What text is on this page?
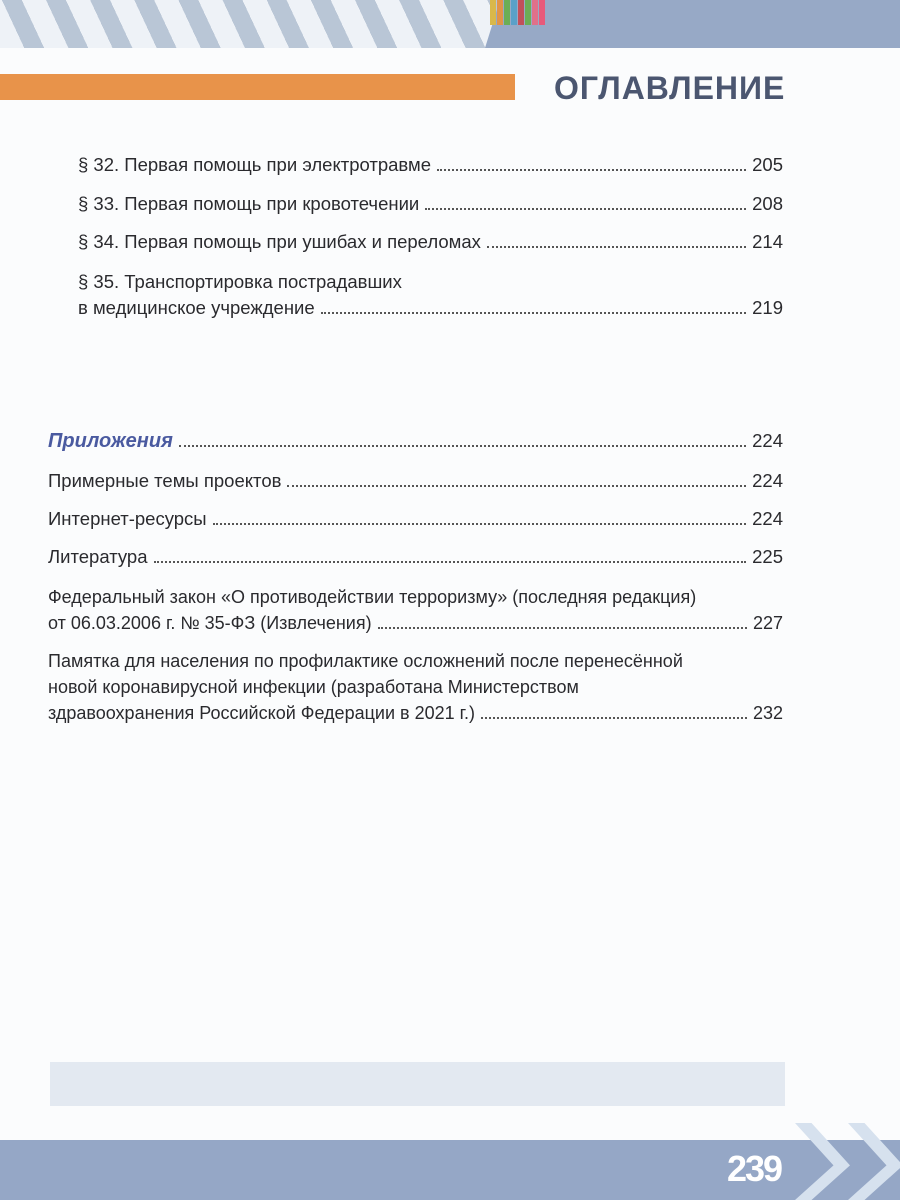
ОГЛАВЛЕНИЕ
§ 32. Первая помощь при электротравме	205
§ 33. Первая помощь при кровотечении	208
§ 34. Первая помощь при ушибах и переломах	214
§ 35. Транспортировка пострадавших
в медицинское учреждение	219
Приложения	224
Примерные темы проектов	224
Интернет-ресурсы	224
Литература	225
Федеральный закон «О противодействии терроризму» (последняя редакция)
от 06.03.2006 г. № 35-ФЗ (Извлечения)	227
Памятка для населения по профилактике осложнений после перенесённой
новой коронавирусной инфекции (разработана Министерством
здравоохранения Российской Федерации в 2021 г.)	232
239
